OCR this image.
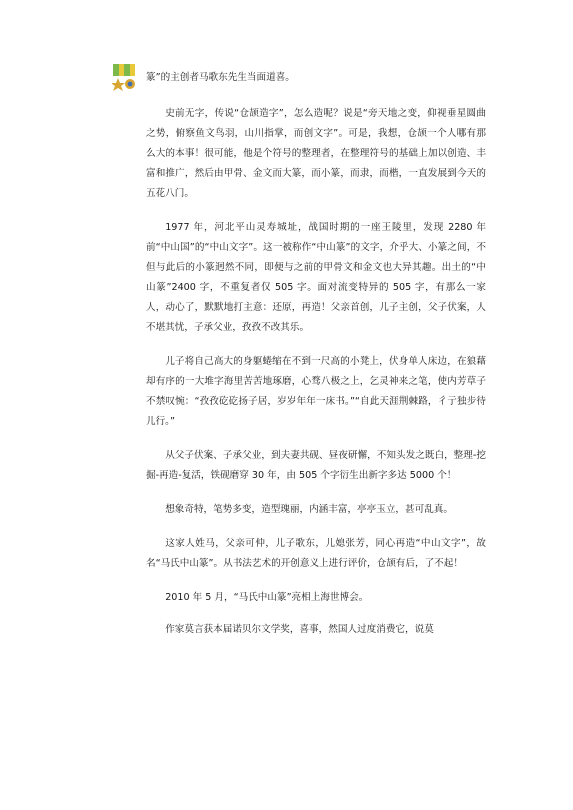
篆”的主创者马歌东先生当面道喜。

史前无字，传说“仓颉造字”，怎么造呢？说是“旁天地之变，仰视垂星圆曲之势，俯察鱼文鸟羽，山川指掌，而创文字”。可是，我想，仓颉一个人哪有那么大的本事！很可能，他是个符号的整理者，在整理符号的基础上加以创造、丰富和推广，然后由甲骨、金文而大篆，而小篆，而隶，而楷，一直发展到今天的五花八门。

1977 年，河北平山灵寿城址，战国时期的一座王陵里，发现 2280 年前“中山国”的“中山文字”。这一被称作“中山篆”的文字，介乎大、小篆之间，不但与此后的小篆迥然不同，即便与之前的甲骨文和金文也大异其趣。出土的“中山篆”2400 字，不重复者仅 505 字。面对流变特异的 505 字，有那么一家人，动心了，默默地打主意：还原，再造！父亲首创，儿子主创，父子伏案，人不堪其忧，子承父业，孜孜不改其乐。

儿子将自己高大的身躯蜷缩在不到一尺高的小凳上，伏身单人床边，在狼藉却有序的一大堆字海里苦苦地琢磨，心骛八极之上，乞灵神来之笔，使内芳草子不禁叹惋：“孜孜矻矻扬子居，岁岁年年一床书。”“自此天涯荆棘路，彳亍独步待儿行。”

从父子伏案、子承父业，到夫妻共砚、昼夜研懈，不知头发之既白，整理-挖掘-再造-复活，铁砚磨穿 30 年，由 505 个字衍生出新字多达 5000 个！

想象奇特，笔势多变，造型瑰丽，内涵丰富，亭亭玉立，甚可乱真。

这家人姓马，父亲可仲，儿子歌东，儿媳张芳，同心再造“中山文字”，故名“马氏中山篆”。从书法艺术的开创意义上进行评价，仓颉有后，了不起！

2010 年 5 月，“马氏中山篆”亮相上海世博会。

作家莫言获本届诺贝尔文学奖，喜事，然国人过度消费它，说莫
